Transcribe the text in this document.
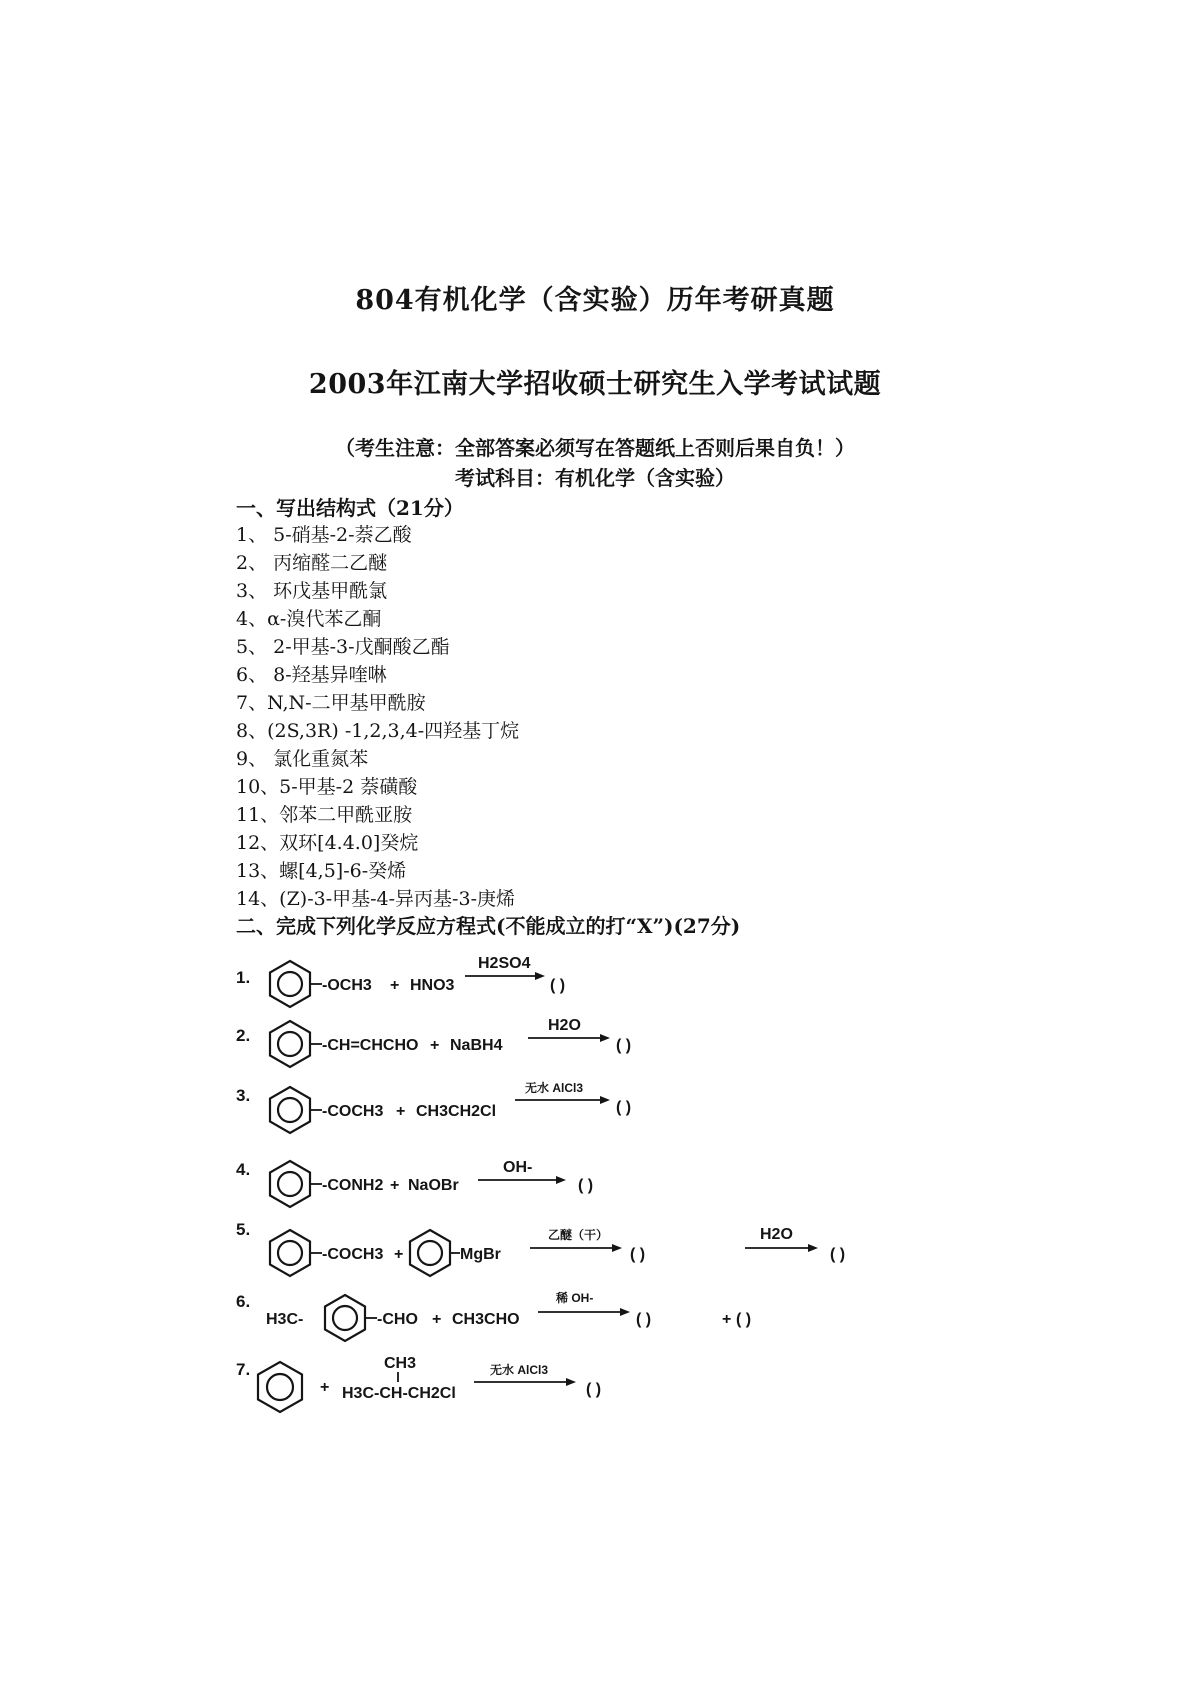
804有机化学（含实验）历年考研真题
2003年江南大学招收硕士研究生入学考试试题
（考生注意：全部答案必须写在答题纸上否则后果自负！）
考试科目：有机化学（含实验）
一、写出结构式（21分）
1、 5-硝基-2-萘乙酸
2、 丙缩醛二乙醚
3、 环戊基甲酰氯
4、α-溴代苯乙酮
5、 2-甲基-3-戊酮酸乙酯
6、 8-羟基异喹啉
7、N,N-二甲基甲酰胺
8、(2S,3R) -1,2,3,4-四羟基丁烷
9、 氯化重氮苯
10、5-甲基-2 萘磺酸
11、邻苯二甲酰亚胺
12、双环[4.4.0]癸烷
13、螺[4,5]-6-癸烯
14、(Z)-3-甲基-4-异丙基-3-庚烯
二、完成下列化学反应方程式(不能成立的打“X”)(27分)
1.	-OCH3 + HNO3
H2SO4
( )
2.
-CH=CHCHO + NaBH4
H2O
( )
3.
-COCH3 + CH3CH2Cl
无水 AlCl3
( )
4.
-CONH2 + NaOBr
OH-
( )
5.
-COCH3 +	MgBr
乙醚（干）
( )
H2O
( )
6.
H3C-	-CHO + CH3CHO
稀 OH-
( )	+ ( )
7.
+
CH3
H3C-CH-CH2Cl
无水 AlCl3
( )
